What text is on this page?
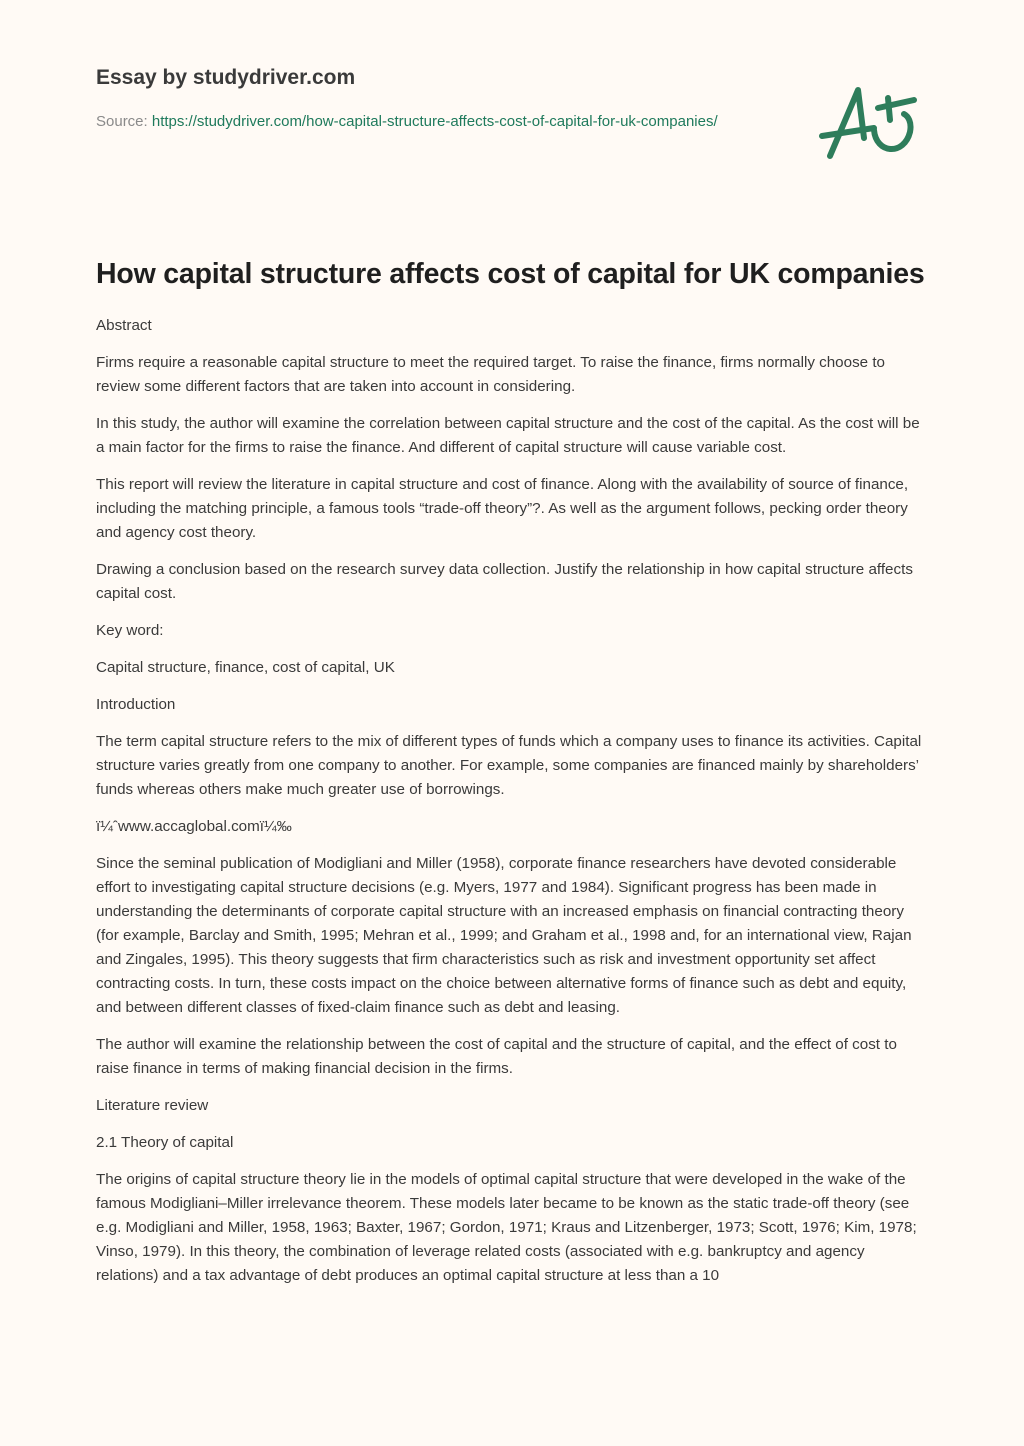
Essay by studydriver.com
Source: https://studydriver.com/how-capital-structure-affects-cost-of-capital-for-uk-companies/
How capital structure affects cost of capital for UK companies

Abstract

Firms require a reasonable capital structure to meet the required target. To raise the finance, firms normally choose to review some different factors that are taken into account in considering.

In this study, the author will examine the correlation between capital structure and the cost of the capital. As the cost will be a main factor for the firms to raise the finance. And different of capital structure will cause variable cost.

This report will review the literature in capital structure and cost of finance. Along with the availability of source of finance, including the matching principle, a famous tools “trade-off theory”?. As well as the argument follows, pecking order theory and agency cost theory.

Drawing a conclusion based on the research survey data collection. Justify the relationship in how capital structure affects capital cost.

Key word:

Capital structure, finance, cost of capital, UK

Introduction

The term capital structure refers to the mix of different types of funds which a company uses to finance its activities. Capital structure varies greatly from one company to another. For example, some companies are financed mainly by shareholders’ funds whereas others make much greater use of borrowings.

ï¼ˆwww.accaglobal.comï¼‰

Since the seminal publication of Modigliani and Miller (1958), corporate finance researchers have devoted considerable effort to investigating capital structure decisions (e.g. Myers, 1977 and 1984). Significant progress has been made in understanding the determinants of corporate capital structure with an increased emphasis on financial contracting theory (for example, Barclay and Smith, 1995; Mehran et al., 1999; and Graham et al., 1998 and, for an international view, Rajan and Zingales, 1995). This theory suggests that firm characteristics such as risk and investment opportunity set affect contracting costs. In turn, these costs impact on the choice between alternative forms of finance such as debt and equity, and between different classes of fixed-claim finance such as debt and leasing.

The author will examine the relationship between the cost of capital and the structure of capital, and the effect of cost to raise finance in terms of making financial decision in the firms.

Literature review

2.1 Theory of capital

The origins of capital structure theory lie in the models of optimal capital structure that were developed in the wake of the famous Modigliani–Miller irrelevance theorem. These models later became to be known as the static trade-off theory (see e.g. Modigliani and Miller, 1958, 1963; Baxter, 1967; Gordon, 1971; Kraus and Litzenberger, 1973; Scott, 1976; Kim, 1978; Vinso, 1979). In this theory, the combination of leverage related costs (associated with e.g. bankruptcy and agency relations) and a tax advantage of debt produces an optimal capital structure at less than a 10
